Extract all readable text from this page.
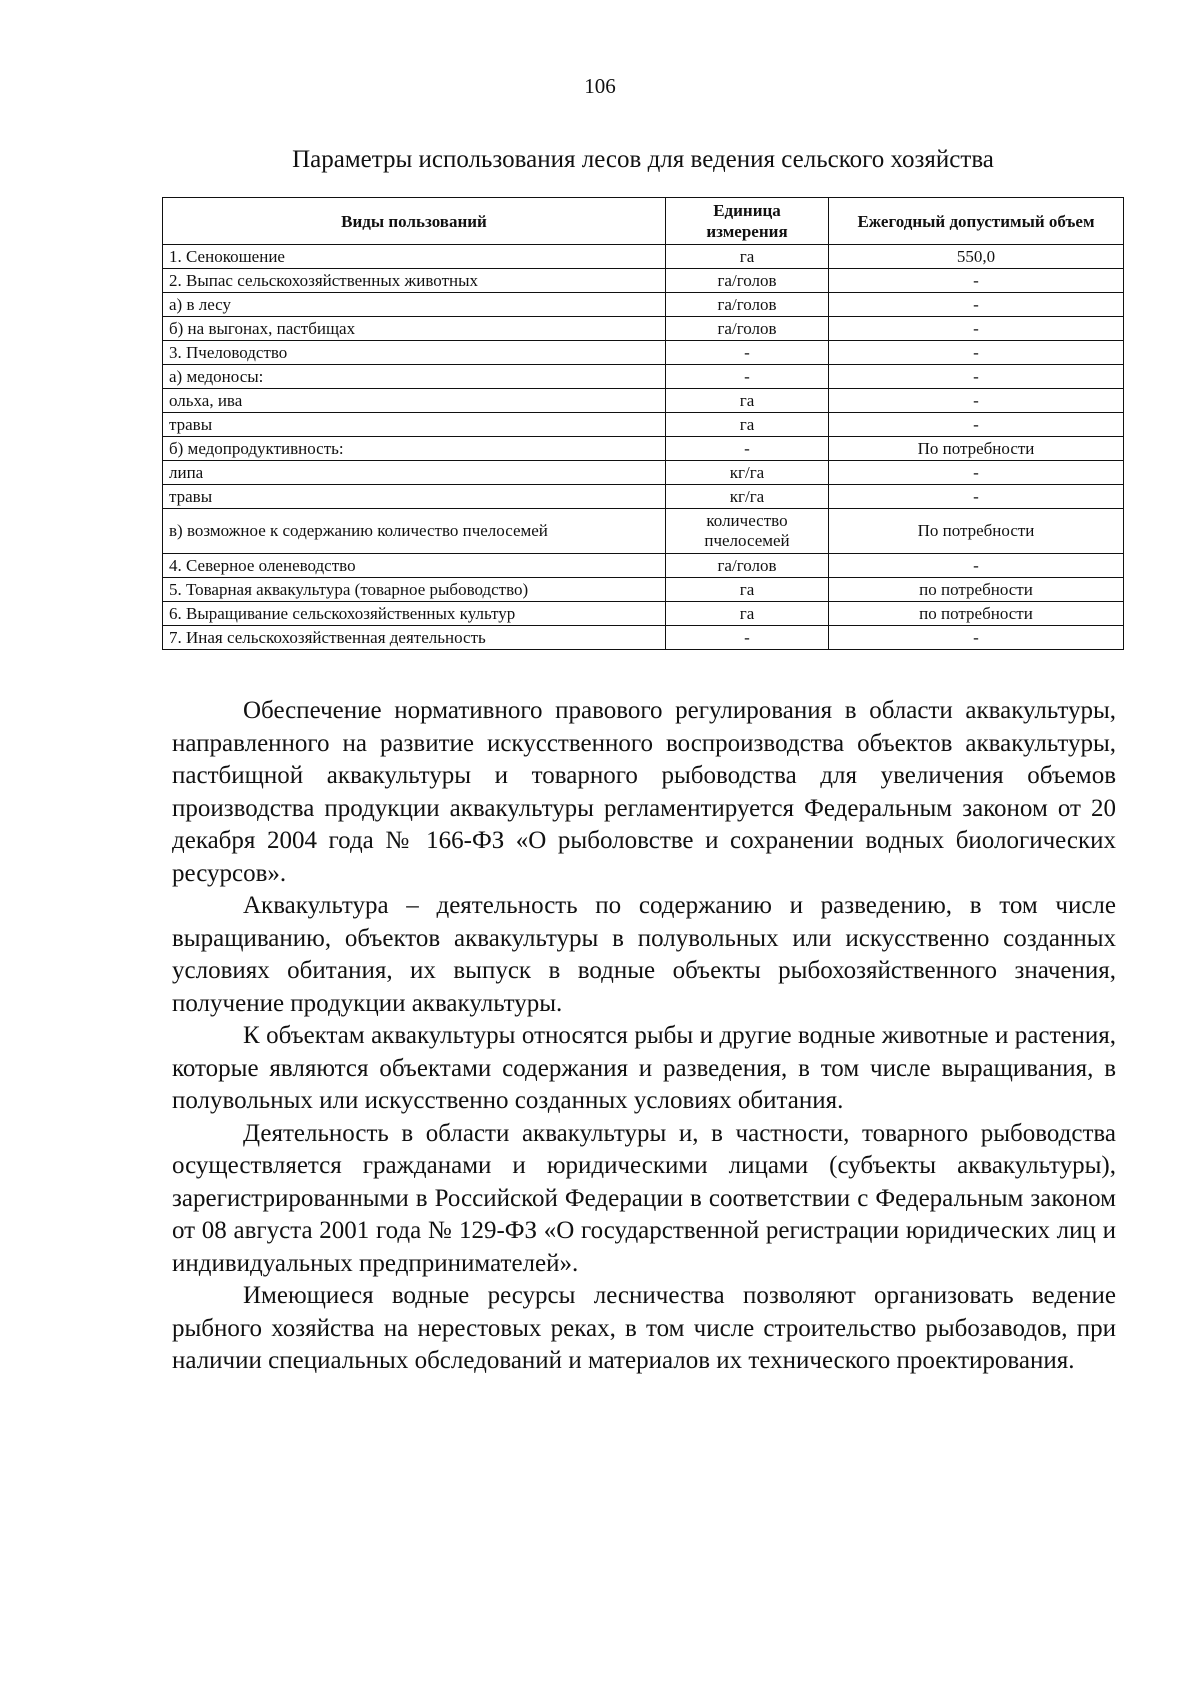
106
Параметры использования лесов для ведения сельского хозяйства
Виды пользований	Единица измерения	Ежегодный допустимый объем
1. Сенокошение	га	550,0
2. Выпас сельскохозяйственных животных	га/голов	-
а) в лесу	га/голов	-
б) на выгонах, пастбищах	га/голов	-
3. Пчеловодство	-	-
а) медоносы:	-	-
ольха, ива	га	-
травы	га	-
б) медопродуктивность:	-	По потребности
липа	кг/га	-
травы	кг/га	-
в) возможное к содержанию количество пчелосемей	количество пчелосемей	По потребности
4. Северное оленеводство	га/голов	-
5. Товарная аквакультура (товарное рыбоводство)	га	по потребности
6. Выращивание сельскохозяйственных культур	га	по потребности
7. Иная сельскохозяйственная деятельность	-	-

Обеспечение нормативного правового регулирования в области аквакультуры, направленного на развитие искусственного воспроизводства объектов аквакультуры, пастбищной аквакультуры и товарного рыбоводства для увеличения объемов производства продукции аквакультуры регламентируется Федеральным законом от 20 декабря 2004 года № 166-ФЗ «О рыболовстве и сохранении водных биологических ресурсов».

Аквакультура – деятельность по содержанию и разведению, в том числе выращиванию, объектов аквакультуры в полувольных или искусственно созданных условиях обитания, их выпуск в водные объекты рыбохозяйственного значения, получение продукции аквакультуры.

К объектам аквакультуры относятся рыбы и другие водные животные и растения, которые являются объектами содержания и разведения, в том числе выращивания, в полувольных или искусственно созданных условиях обитания.

Деятельность в области аквакультуры и, в частности, товарного рыбоводства осуществляется гражданами и юридическими лицами (субъекты аквакультуры), зарегистрированными в Российской Федерации в соответствии с Федеральным законом от 08 августа 2001 года № 129-ФЗ «О государственной регистрации юридических лиц и индивидуальных предпринимателей».

Имеющиеся водные ресурсы лесничества позволяют организовать ведение рыбного хозяйства на нерестовых реках, в том числе строительство рыбозаводов, при наличии специальных обследований и материалов их технического проектирования.
